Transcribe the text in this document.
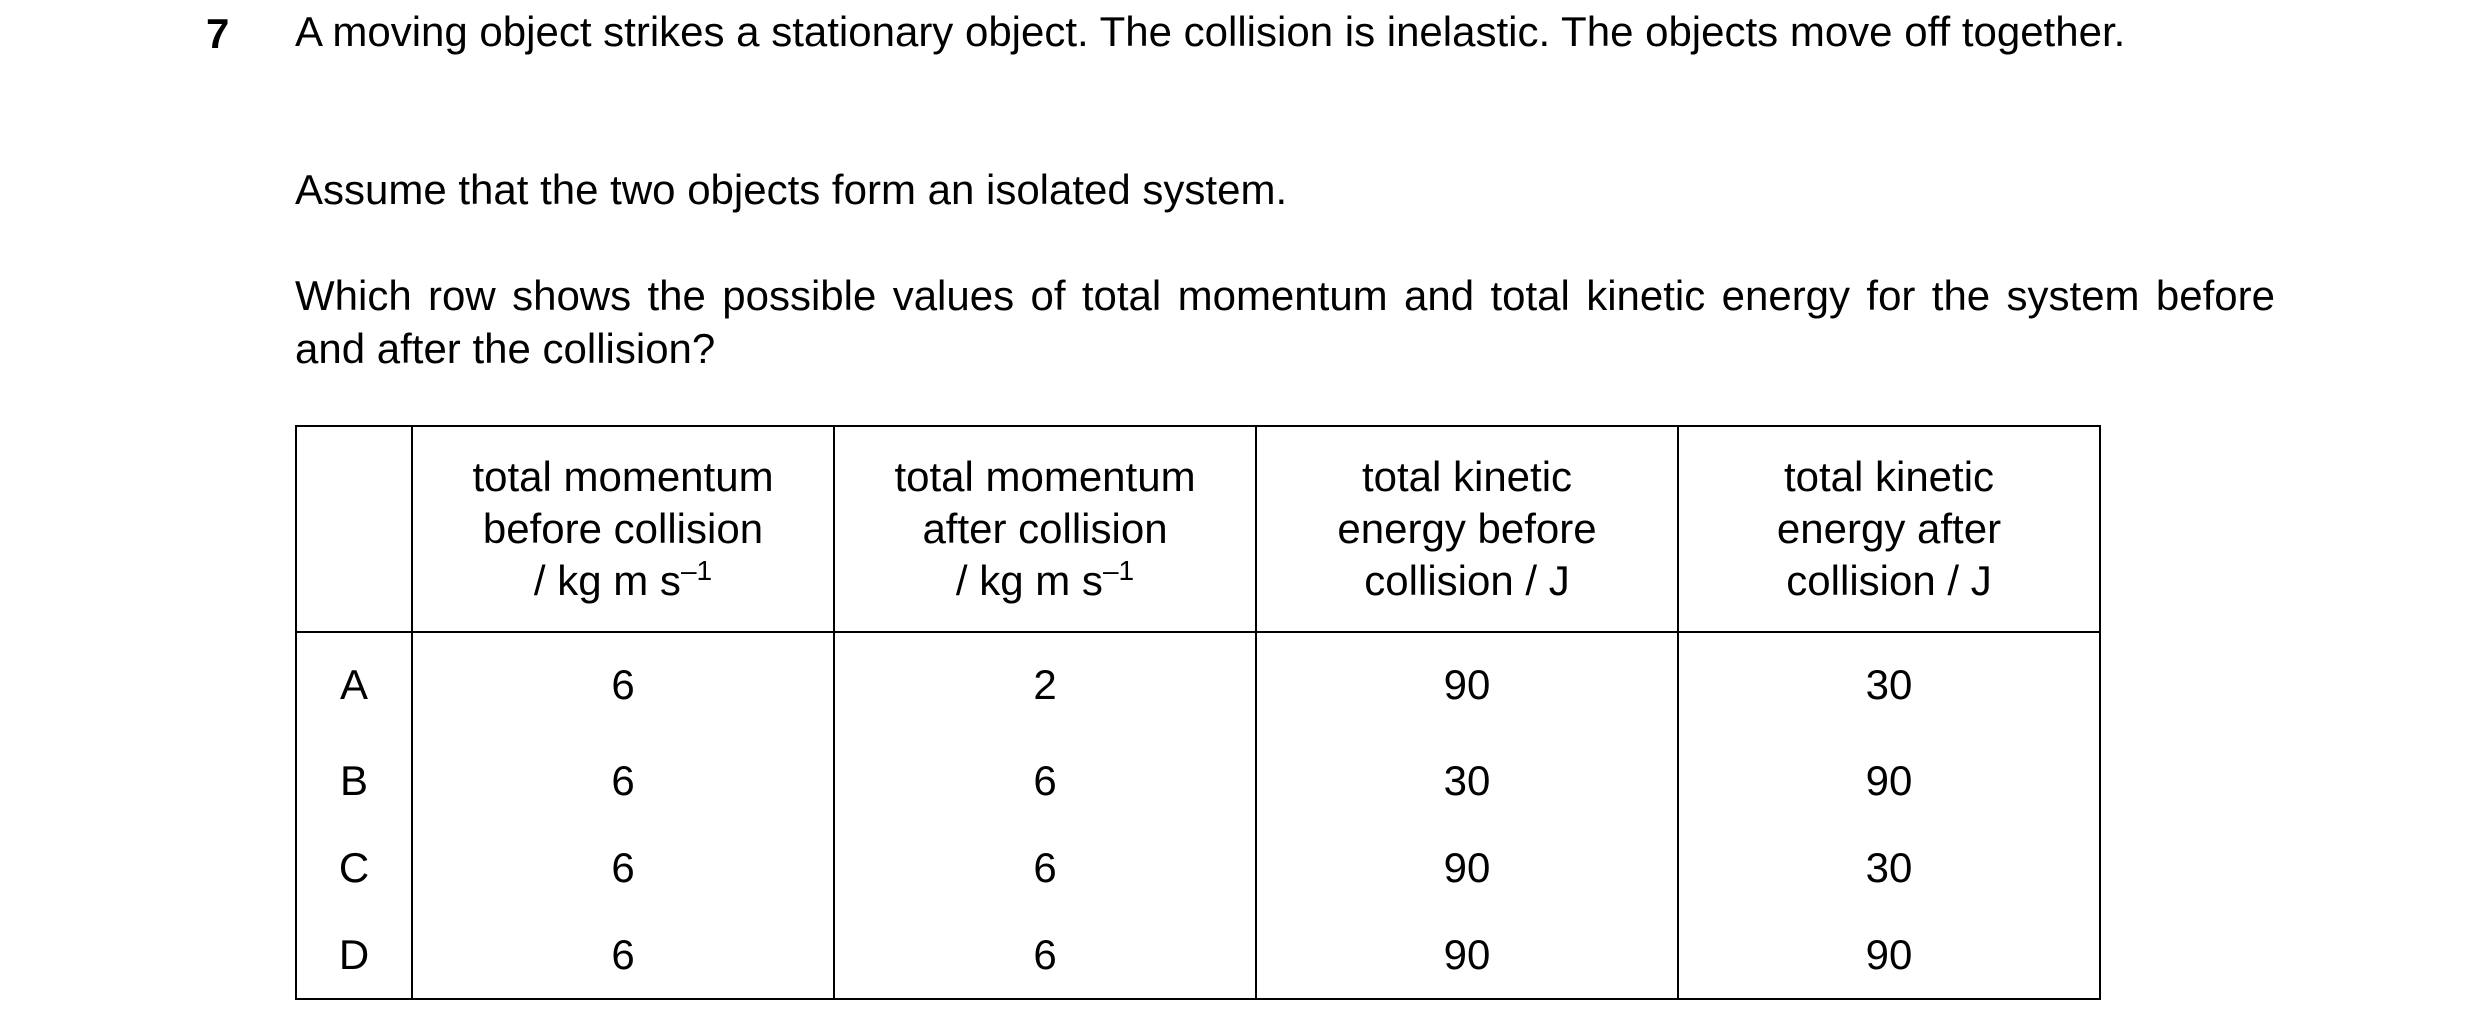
7 A moving object strikes a stationary object. The collision is inelastic. The objects move off together.
Assume that the two objects form an isolated system.
Which row shows the possible values of total momentum and total kinetic energy for the system before and after the collision?

	total momentum
before collision
/ kg m $s^{-1}$	total momentum
after collision
/ kg m $s^{-1}$	total kinetic
energy before
collision / J	total kinetic
energy after
collision / J

A	6	2	90	30
B	6	6	30	90
C	6	6	90	30
D	6	6	90	90
